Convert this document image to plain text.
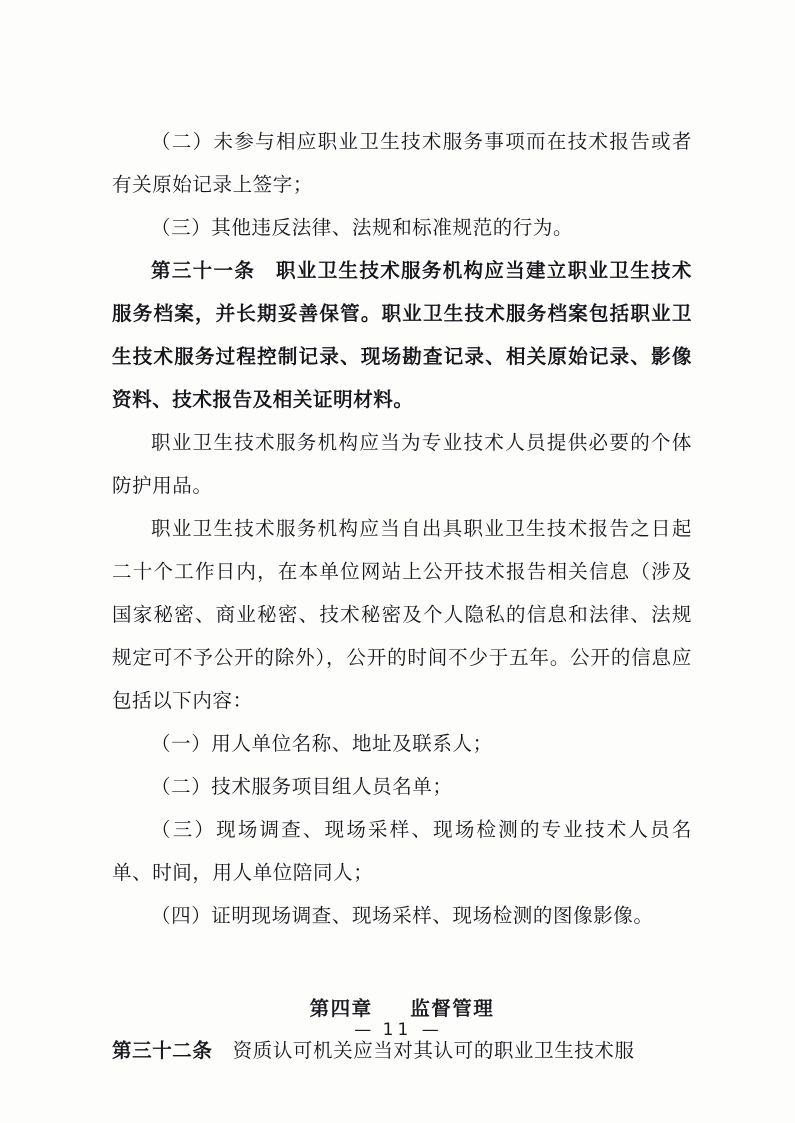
（二）未参与相应职业卫生技术服务事项而在技术报告或者有关原始记录上签字；

（三）其他违反法律、法规和标准规范的行为。

第三十一条　 职业卫生技术服务机构应当建立职业卫生技术服务档案，并长期妥善保管。职业卫生技术服务档案包括职业卫生技术服务过程控制记录、现场勘查记录、相关原始记录、影像资料、技术报告及相关证明材料。

职业卫生技术服务机构应当为专业技术人员提供必要的个体防护用品。

职业卫生技术服务机构应当自出具职业卫生技术报告之日起二十个工作日内，在本单位网站上公开技术报告相关信息（涉及国家秘密、商业秘密、技术秘密及个人隐私的信息和法律、法规规定可不予公开的除外），公开的时间不少于五年。公开的信息应包括以下内容：

（一）用人单位名称、地址及联系人；

（二）技术服务项目组人员名单；

（三）现场调查、现场采样、现场检测的专业技术人员名单、时间，用人单位陪同人；

（四）证明现场调查、现场采样、现场检测的图像影像。

第四章 　 监督管理

第三十二条　 资质认可机关应当对其认可的职业卫生技术服

— 11 —
